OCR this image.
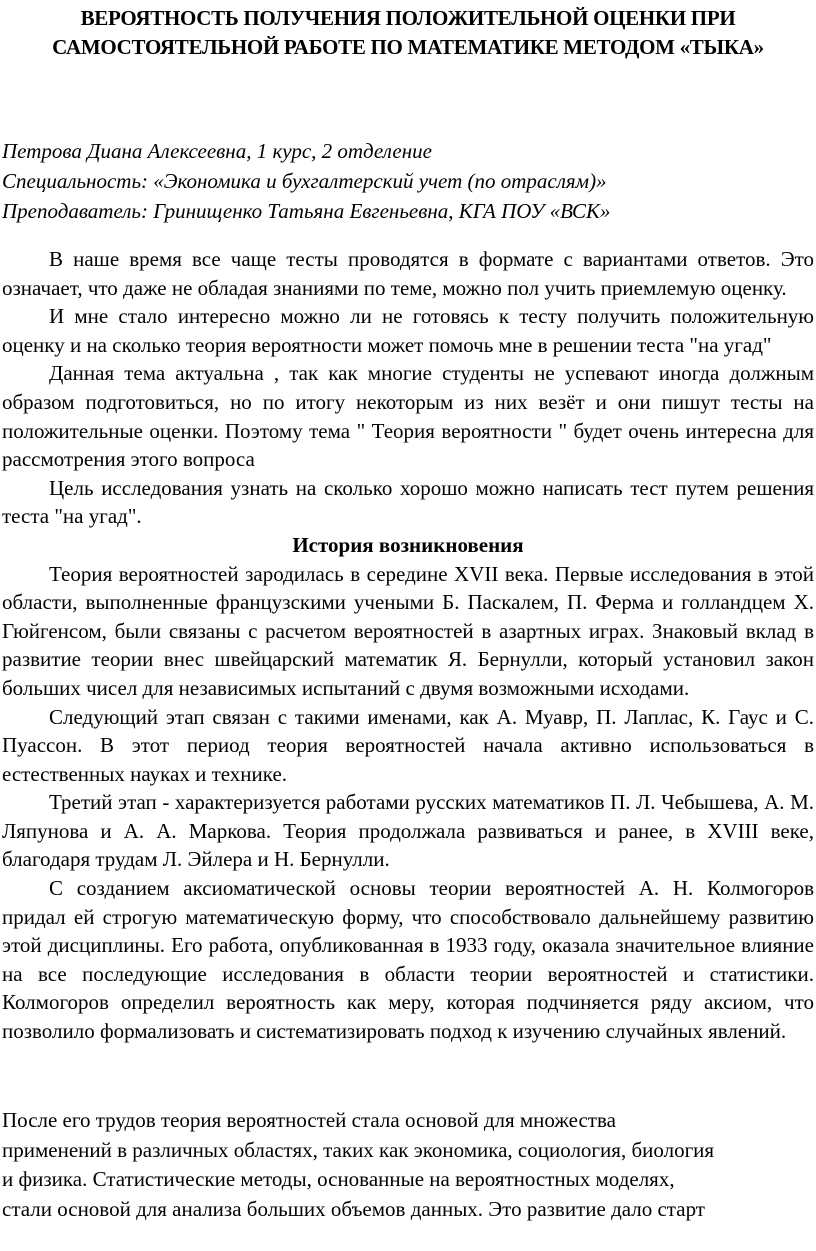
ВЕРОЯТНОСТЬ ПОЛУЧЕНИЯ ПОЛОЖИТЕЛЬНОЙ ОЦЕНКИ ПРИ САМОСТОЯТЕЛЬНОЙ РАБОТЕ ПО МАТЕМАТИКЕ МЕТОДОМ «ТЫКА»
Петрова Диана Алексеевна, 1 курс, 2 отделение
Специальность: «Экономика и бухгалтерский учет (по отраслям)»
Преподаватель: Гринищенко Татьяна Евгеньевна, КГА ПОУ «ВСК»

В наше время все чаще тесты проводятся в формате с вариантами ответов. Это означает, что даже не обладая знаниями по теме, можно пол учить приемлемую оценку.

И мне стало интересно можно ли не готовясь к тесту получить положительную оценку и на сколько теория вероятности может помочь мне в решении теста "на угад"

Данная тема актуальна , так как многие студенты не успевают иногда должным образом подготовиться, но по итогу некоторым из них везёт и они пишут тесты на положительные оценки. Поэтому тема " Теория вероятности " будет очень интересна для рассмотрения этого вопроса

Цель исследования узнать на сколько хорошо можно написать тест путем решения теста "на угад".

История возникновения

Теория вероятностей зародилась в середине XVII века. Первые исследования в этой области, выполненные французскими учеными Б. Паскалем, П. Ферма и голландцем Х. Гюйгенсом, были связаны с расчетом вероятностей в азартных играх. Знаковый вклад в развитие теории внес швейцарский математик Я. Бернулли, который установил закон больших чисел для независимых испытаний с двумя возможными исходами.

Следующий этап связан с такими именами, как А. Муавр, П. Лаплас, К. Гаус и С. Пуассон. В этот период теория вероятностей начала активно использоваться в естественных науках и технике.

Третий этап - характеризуется работами русских математиков П. Л. Чебышева, А. М. Ляпунова и А. А. Маркова. Теория продолжала развиваться и ранее, в XVIII веке, благодаря трудам Л. Эйлера и Н. Бернулли.

С созданием аксиоматической основы теории вероятностей А. Н. Колмогоров придал ей строгую математическую форму, что способствовало дальнейшему развитию этой дисциплины. Его работа, опубликованная в 1933 году, оказала значительное влияние на все последующие исследования в области теории вероятностей и статистики. Колмогоров определил вероятность как меру, которая подчиняется ряду аксиом, что позволило формализовать и систематизировать подход к изучению случайных явлений.

После его трудов теория вероятностей стала основой для множества

применений в различных областях, таких как экономика, социология, биология

и физика. Статистические методы, основанные на вероятностных моделях,

стали основой для анализа больших объемов данных. Это развитие дало старт
